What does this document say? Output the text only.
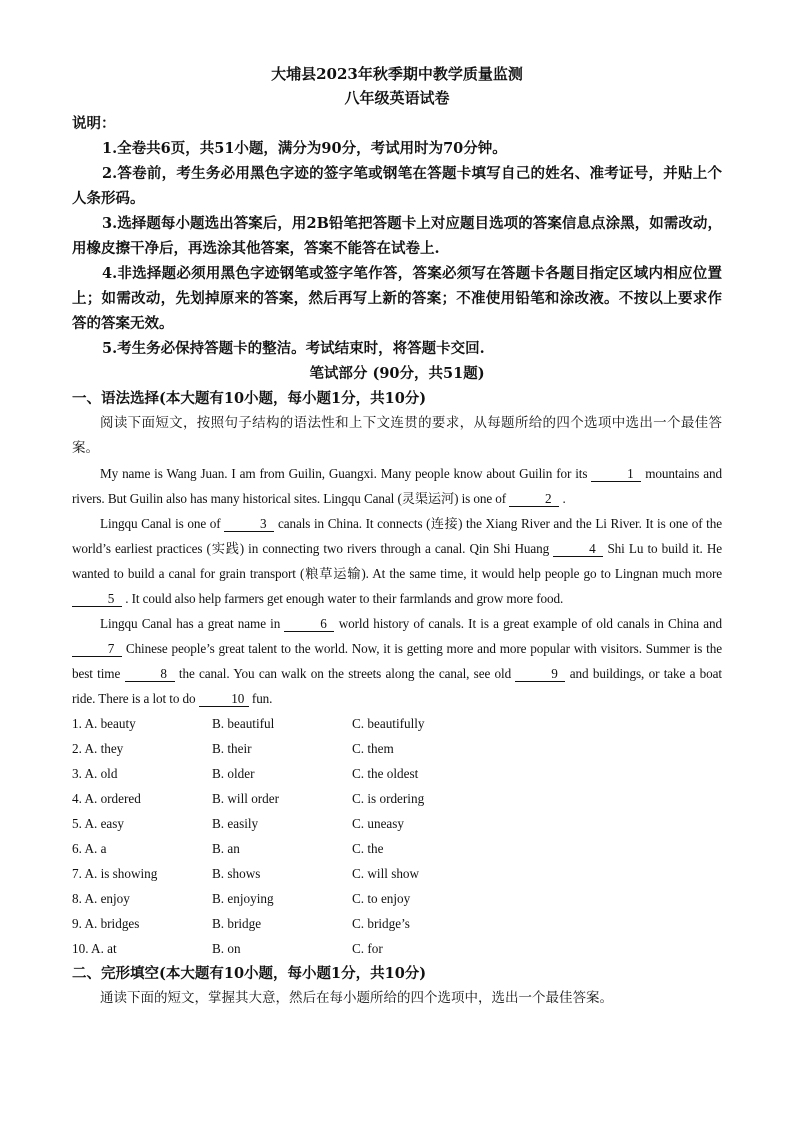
大埔县2023年秋季期中教学质量监测
八年级英语试卷
说明：
1.全卷共6页，共51小题，满分为90分，考试用时为70分钟。
2.答卷前，考生务必用黑色字迹的签字笔或钢笔在答题卡填写自己的姓名、准考证号，并贴上个人条形码。
3.选择题每小题选出答案后，用2B铅笔把答题卡上对应题目选项的答案信息点涂黑，如需改动，用橡皮擦干净后，再选涂其他答案，答案不能答在试卷上.
4.非选择题必须用黑色字迹钢笔或签字笔作答，答案必须写在答题卡各题目指定区域内相应位置上；如需改动，先划掉原来的答案，然后再写上新的答案；不准使用铅笔和涂改液。不按以上要求作答的答案无效。
5.考生务必保持答题卡的整洁。考试结束时，将答题卡交回.
笔试部分 (90分，共51题)
一、语法选择(本大题有10小题，每小题1分，共10分)
阅读下面短文，按照句子结构的语法性和上下文连贯的要求，从每题所给的四个选项中选出一个最佳答案。
My name is Wang Juan. I am from Guilin, Guangxi. Many people know about Guilin for its	1 mountains and rivers. But Guilin also has many historical sites. Lingqu Canal (灵渠运河) is one of	2 .
Lingqu Canal is one of	3 canals in China. It connects (连接) the Xiang River and the Li River. It is one of the world’s earliest practices (实践) in connecting two rivers through a canal. Qin Shi Huang	4 Shi Lu to build it. He wanted to build a canal for grain transport (粮草运输). At the same time, it would help people go to Lingnan much more 5 . It could also help farmers get enough water to their farmlands and grow more food.
Lingqu Canal has a great name in	6 world history of canals. It is a great example of old canals in China and 7 Chinese people’s great talent to the world. Now, it is getting more and more popular with visitors. Summer is the best time	8 the canal. You can walk on the streets along the canal, see old	9 and buildings, or take a boat ride. There is a lot to do 10 fun.
1. A. beauty	B. beautiful	C. beautifully
2. A. they	B. their	C. them
3. A. old	B. older	C. the oldest
4. A. ordered	B. will order	C. is ordering
5. A. easy	B. easily	C. uneasy
6. A. a	B. an	C. the
7. A. is showing	B. shows	C. will show
8. A. enjoy	B. enjoying	C. to enjoy
9. A. bridges	B. bridge	C. bridge’s
10. A. at	B. on	C. for
二、完形填空(本大题有10小题，每小题1分，共10分)
通读下面的短文，掌握其大意，然后在每小题所给的四个选项中，选出一个最佳答案。
